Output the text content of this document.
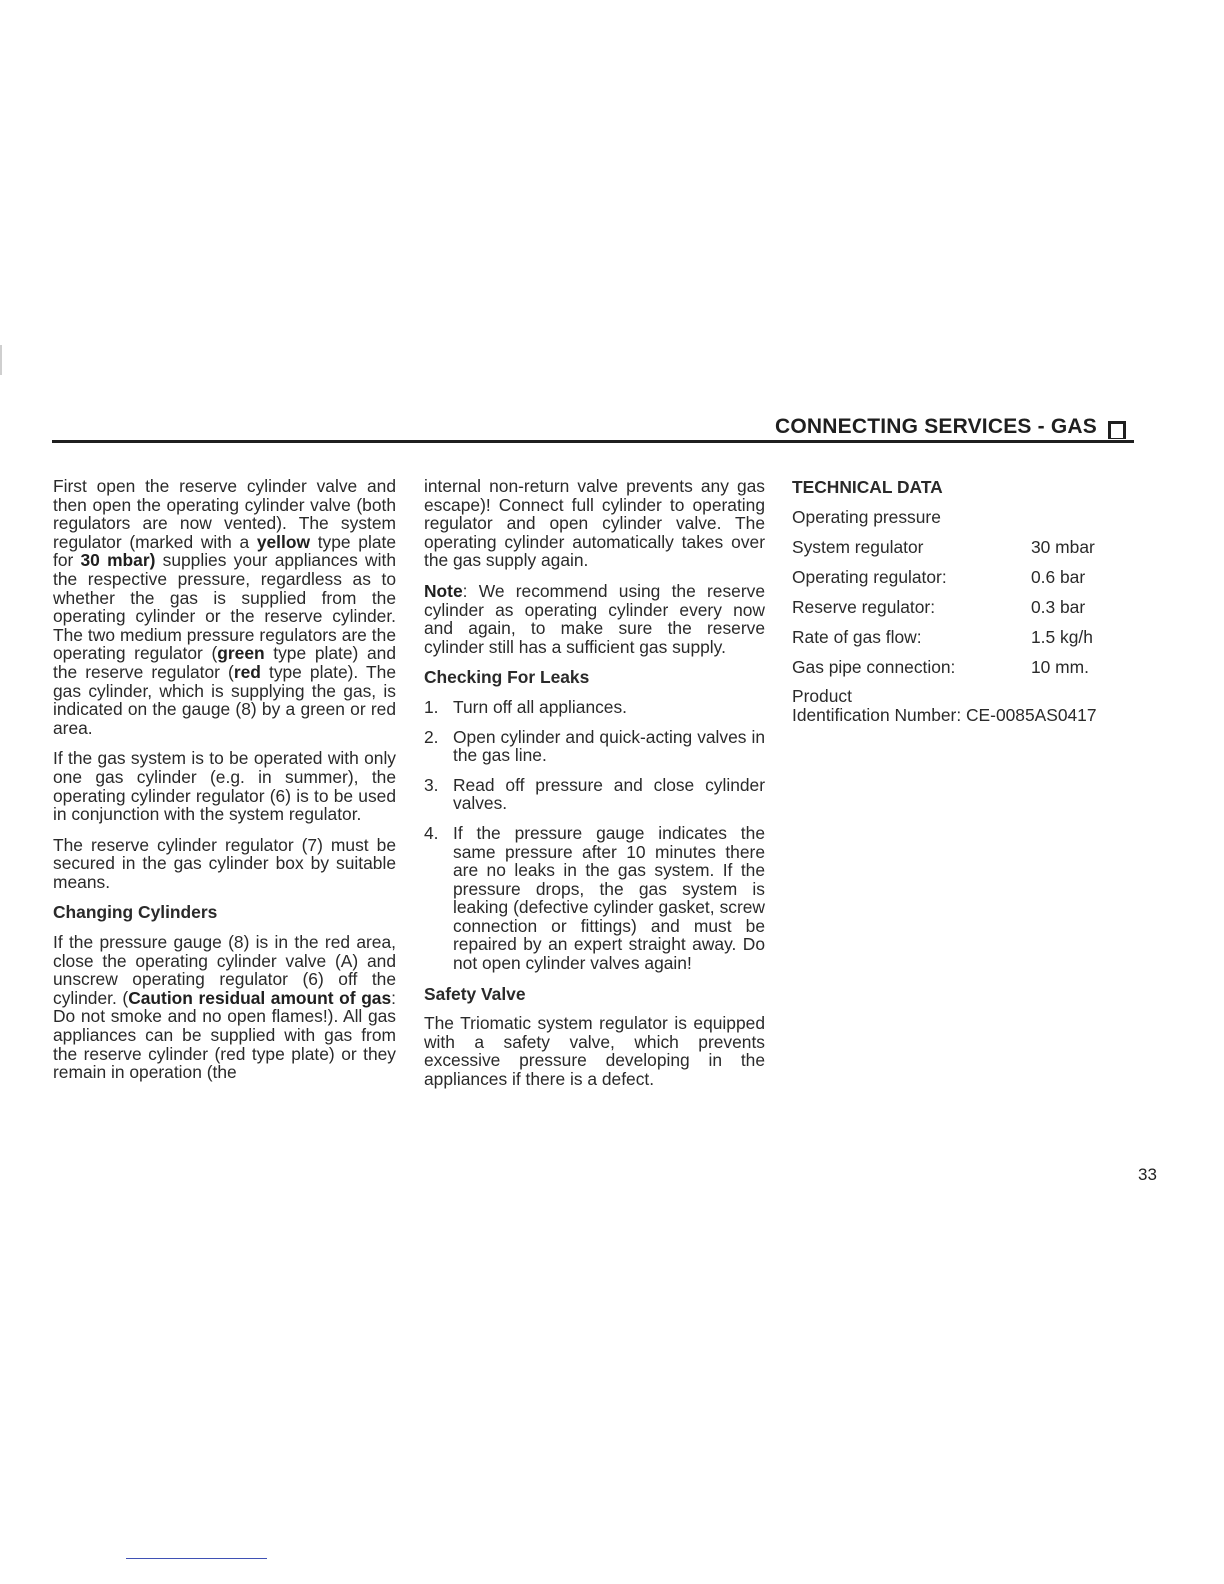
CONNECTING SERVICES - GAS

First open the reserve cylinder valve and then open the operating cylinder valve (both regulators are now vented). The system regulator (marked with a yellow type plate for 30 mbar) supplies your appliances with the respective pressure, regardless as to whether the gas is supplied from the operating cylinder or the reserve cylinder. The two medium pressure regulators are the operating regulator (green type plate) and the reserve regulator (red type plate). The gas cylinder, which is supplying the gas, is indicated on the gauge (8) by a green or red area.

If the gas system is to be operated with only one gas cylinder (e.g. in summer), the operating cylinder regulator (6) is to be used in conjunction with the system regulator.

The reserve cylinder regulator (7) must be secured in the gas cylinder box by suitable means.

Changing Cylinders

If the pressure gauge (8) is in the red area, close the operating cylinder valve (A) and unscrew operating regulator (6) off the cylinder. (Caution residual amount of gas: Do not smoke and no open flames!). All gas appliances can be supplied with gas from the reserve cylinder (red type plate) or they remain in operation (the

internal non-return valve prevents any gas escape)! Connect full cylinder to operating regulator and open cylinder valve. The operating cylinder automatically takes over the gas supply again.

Note: We recommend using the reserve cylinder as operating cylinder every now and again, to make sure the reserve cylinder still has a sufficient gas supply.

Checking For Leaks
1. Turn off all appliances.
2. Open cylinder and quick-acting valves in the gas line.
3. Read off pressure and close cylinder valves.
4. If the pressure gauge indicates the same pressure after 10 minutes there are no leaks in the gas system. If the pressure drops, the gas system is leaking (defective cylinder gasket, screw connection or fittings) and must be repaired by an expert straight away. Do not open cylinder valves again!
Safety Valve

The Triomatic system regulator is equipped with a safety valve, which prevents excessive pressure developing in the appliances if there is a defect.

TECHNICAL DATA
Operating pressure
System regulator	30 mbar
Operating regulator:	0.6 bar
Reserve regulator:	0.3 bar
Rate of gas flow:	1.5 kg/h
Gas pipe connection:	10 mm.
Product
Identification Number: CE-0085AS0417
33
